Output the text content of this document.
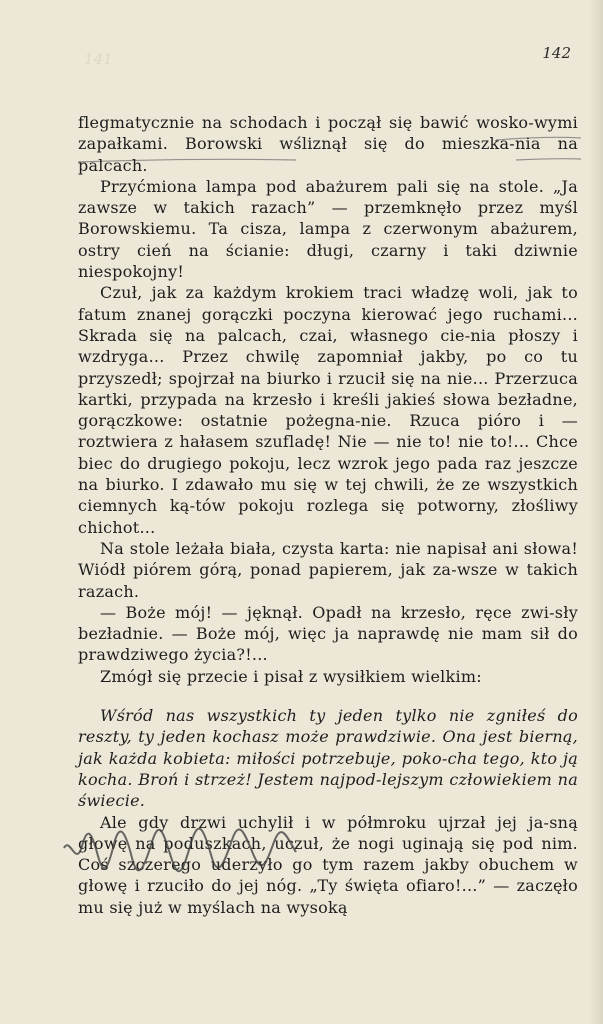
141	142

flegmatycznie na schodach i począł się bawić wosko-wymi zapałkami. Borowski wśliznął się do mieszka-nia na palcach.

Przyćmiona lampa pod abażurem pali się na stole. „Ja zawsze w takich razach” — przemknęło przez myśl Borowskiemu. Ta cisza, lampa z czerwonym abażurem, ostry cień na ścianie: długi, czarny i taki dziwnie niespokojny!

Czuł, jak za każdym krokiem traci władzę woli, jak to fatum znanej gorączki poczyna kierować jego ruchami... Skrada się na palcach, czai, własnego cie-nia płoszy i wzdryga... Przez chwilę zapomniał jakby, po co tu przyszedł; spojrzał na biurko i rzucił się na nie... Przerzuca kartki, przypada na krzesło i kreśli jakieś słowa bezładne, gorączkowe: ostatnie pożegna-nie. Rzuca pióro i — roztwiera z hałasem szufladę! Nie — nie to! nie to!... Chce biec do drugiego pokoju, lecz wzrok jego pada raz jeszcze na biurko. I zdawało mu się w tej chwili, że ze wszystkich ciemnych ką-tów pokoju rozlega się potworny, złośliwy chichot...

Na stole leżała biała, czysta karta: nie napisał ani słowa! Wiódł piórem górą, ponad papierem, jak za-wsze w takich razach.

— Boże mój! — jęknął. Opadł na krzesło, ręce zwi-sły bezładnie. — Boże mój, więc ja naprawdę nie mam sił do prawdziwego życia?!...

Zmógł się przecie i pisał z wysiłkiem wielkim:

Wśród nas wszystkich ty jeden tylko nie zgniłeś do reszty, ty jeden kochasz może prawdziwie. Ona jest bierną, jak każda kobieta: miłości potrzebuje, poko-cha tego, kto ją kocha. Broń i strzeż! Jestem najpod-lejszym człowiekiem na świecie.

Ale gdy drzwi uchylił i w półmroku ujrzał jej ja-sną głowę na poduszkach, uczuł, że nogi uginają się pod nim. Coś szczerego uderzyło go tym razem jakby obuchem w głowę i rzuciło do jej nóg. „Ty święta ofiaro!...” — zaczęło mu się już w myślach na wysoką
